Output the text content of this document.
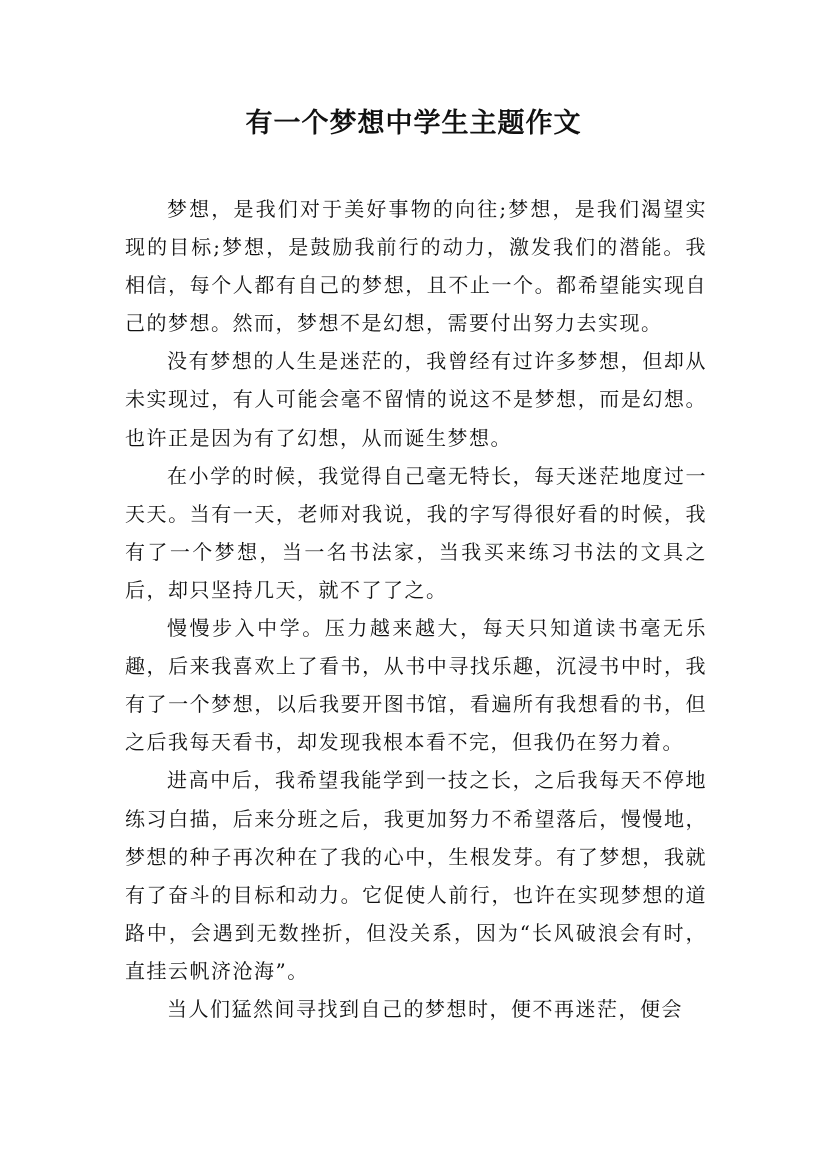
有一个梦想中学生主题作文

梦想，是我们对于美好事物的向往;梦想，是我们渴望实现的目标;梦想，是鼓励我前行的动力，激发我们的潜能。我相信，每个人都有自己的梦想，且不止一个。都希望能实现自己的梦想。然而，梦想不是幻想，需要付出努力去实现。

没有梦想的人生是迷茫的，我曾经有过许多梦想，但却从未实现过，有人可能会毫不留情的说这不是梦想，而是幻想。也许正是因为有了幻想，从而诞生梦想。

在小学的时候，我觉得自己毫无特长，每天迷茫地度过一天天。当有一天，老师对我说，我的字写得很好看的时候，我有了一个梦想，当一名书法家，当我买来练习书法的文具之后，却只坚持几天，就不了了之。

慢慢步入中学。压力越来越大，每天只知道读书毫无乐趣，后来我喜欢上了看书，从书中寻找乐趣，沉浸书中时，我有了一个梦想，以后我要开图书馆，看遍所有我想看的书，但之后我每天看书，却发现我根本看不完，但我仍在努力着。

进高中后，我希望我能学到一技之长，之后我每天不停地练习白描，后来分班之后，我更加努力不希望落后，慢慢地，梦想的种子再次种在了我的心中，生根发芽。有了梦想，我就有了奋斗的目标和动力。它促使人前行，也许在实现梦想的道路中，会遇到无数挫折，但没关系，因为“长风破浪会有时，直挂云帆济沧海”。

当人们猛然间寻找到自己的梦想时，便不再迷茫，便会
